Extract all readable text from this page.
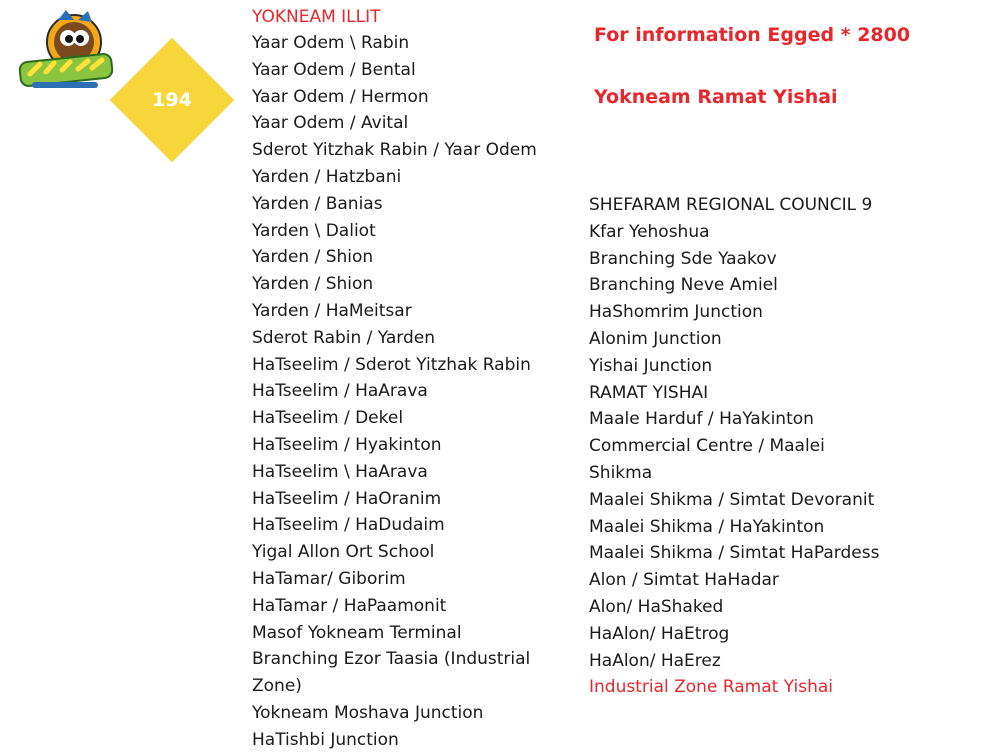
194
YOKNEAM ILLIT
Yaar Odem \ Rabin
Yaar Odem / Bental
Yaar Odem / Hermon
Yaar Odem / Avital
Sderot Yitzhak Rabin / Yaar Odem
Yarden / Hatzbani
Yarden / Banias
Yarden \ Daliot
Yarden / Shion
Yarden / Shion
Yarden / HaMeitsar
Sderot Rabin / Yarden
HaTseelim / Sderot Yitzhak Rabin
HaTseelim / HaArava
HaTseelim / Dekel
HaTseelim / Hyakinton
HaTseelim \ HaArava
HaTseelim / HaOranim
HaTseelim / HaDudaim
Yigal Allon Ort School
HaTamar/ Giborim
HaTamar / HaPaamonit
Masof Yokneam Terminal
Branching Ezor Taasia (Industrial
Zone)
Yokneam Moshava Junction
HaTishbi Junction
For information Egged * 2800
Yokneam Ramat Yishai
SHEFARAM REGIONAL COUNCIL 9
Kfar Yehoshua
Branching Sde Yaakov
Branching Neve Amiel
HaShomrim Junction
Alonim Junction
Yishai Junction
RAMAT YISHAI
Maale Harduf / HaYakinton
Commercial Centre / Maalei
Shikma
Maalei Shikma / Simtat Devoranit
Maalei Shikma / HaYakinton
Maalei Shikma / Simtat HaPardess
Alon / Simtat HaHadar
Alon/ HaShaked
HaAlon/ HaEtrog
HaAlon/ HaErez
Industrial Zone Ramat Yishai
